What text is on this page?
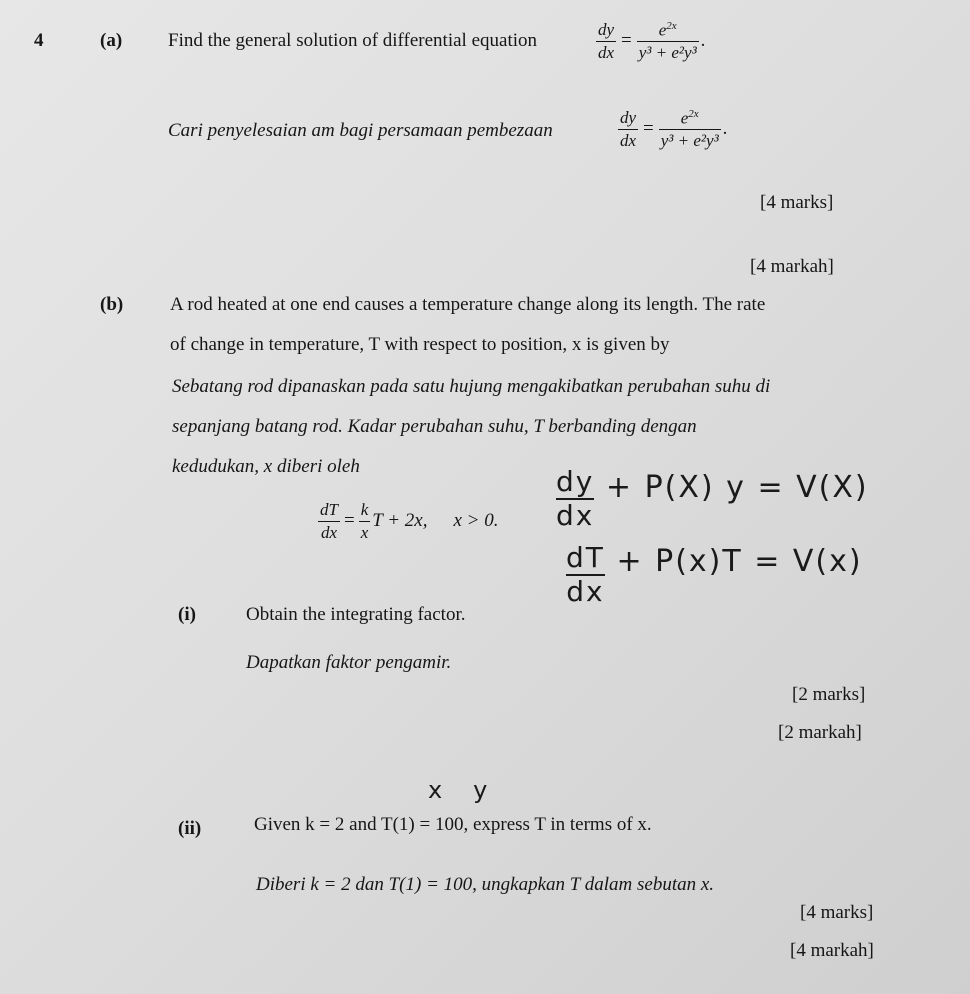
4	(a) Find the general solution of differential equation	$\frac{dy}{dx} = \frac{e^{2x}}{\text{y³ + e²y³}}$ .
Cari penyelesaian am bagi persamaan pembezaan	$\frac{dy}{dx} = \frac{e^{2x}}{\text{y³ + e²y³}}$ .
[4 marks]
[4 markah]
(b) A rod heated at one end causes a temperature change along its length. The rate
of change in temperature, T with respect to position, x is given by
Sebatang rod dipanaskan pada satu hujung mengakibatkan perubahan suhu di
sepanjang batang rod. Kadar perubahan suhu, T berbanding dengan
kedudukan, x diberi oleh
$\frac{dT}{dx} = \frac{k}{x}$ T + 2x, x > 0.
(i)	Obtain the integrating factor.
Dapatkan faktor pengamir.
[2 marks]
[2 markah]
(ii)	Given k = 2 and T(1) = 100, express T in terms of x.
Diberi k = 2 dan T(1) = 100, ungkapkan T dalam sebutan x.
[4 marks]
[4 markah]
$\frac{dy}{dx} + P(X) y = V(X)$
$\frac{dT}{dx} + P(x)T = V(x)$
x   y
